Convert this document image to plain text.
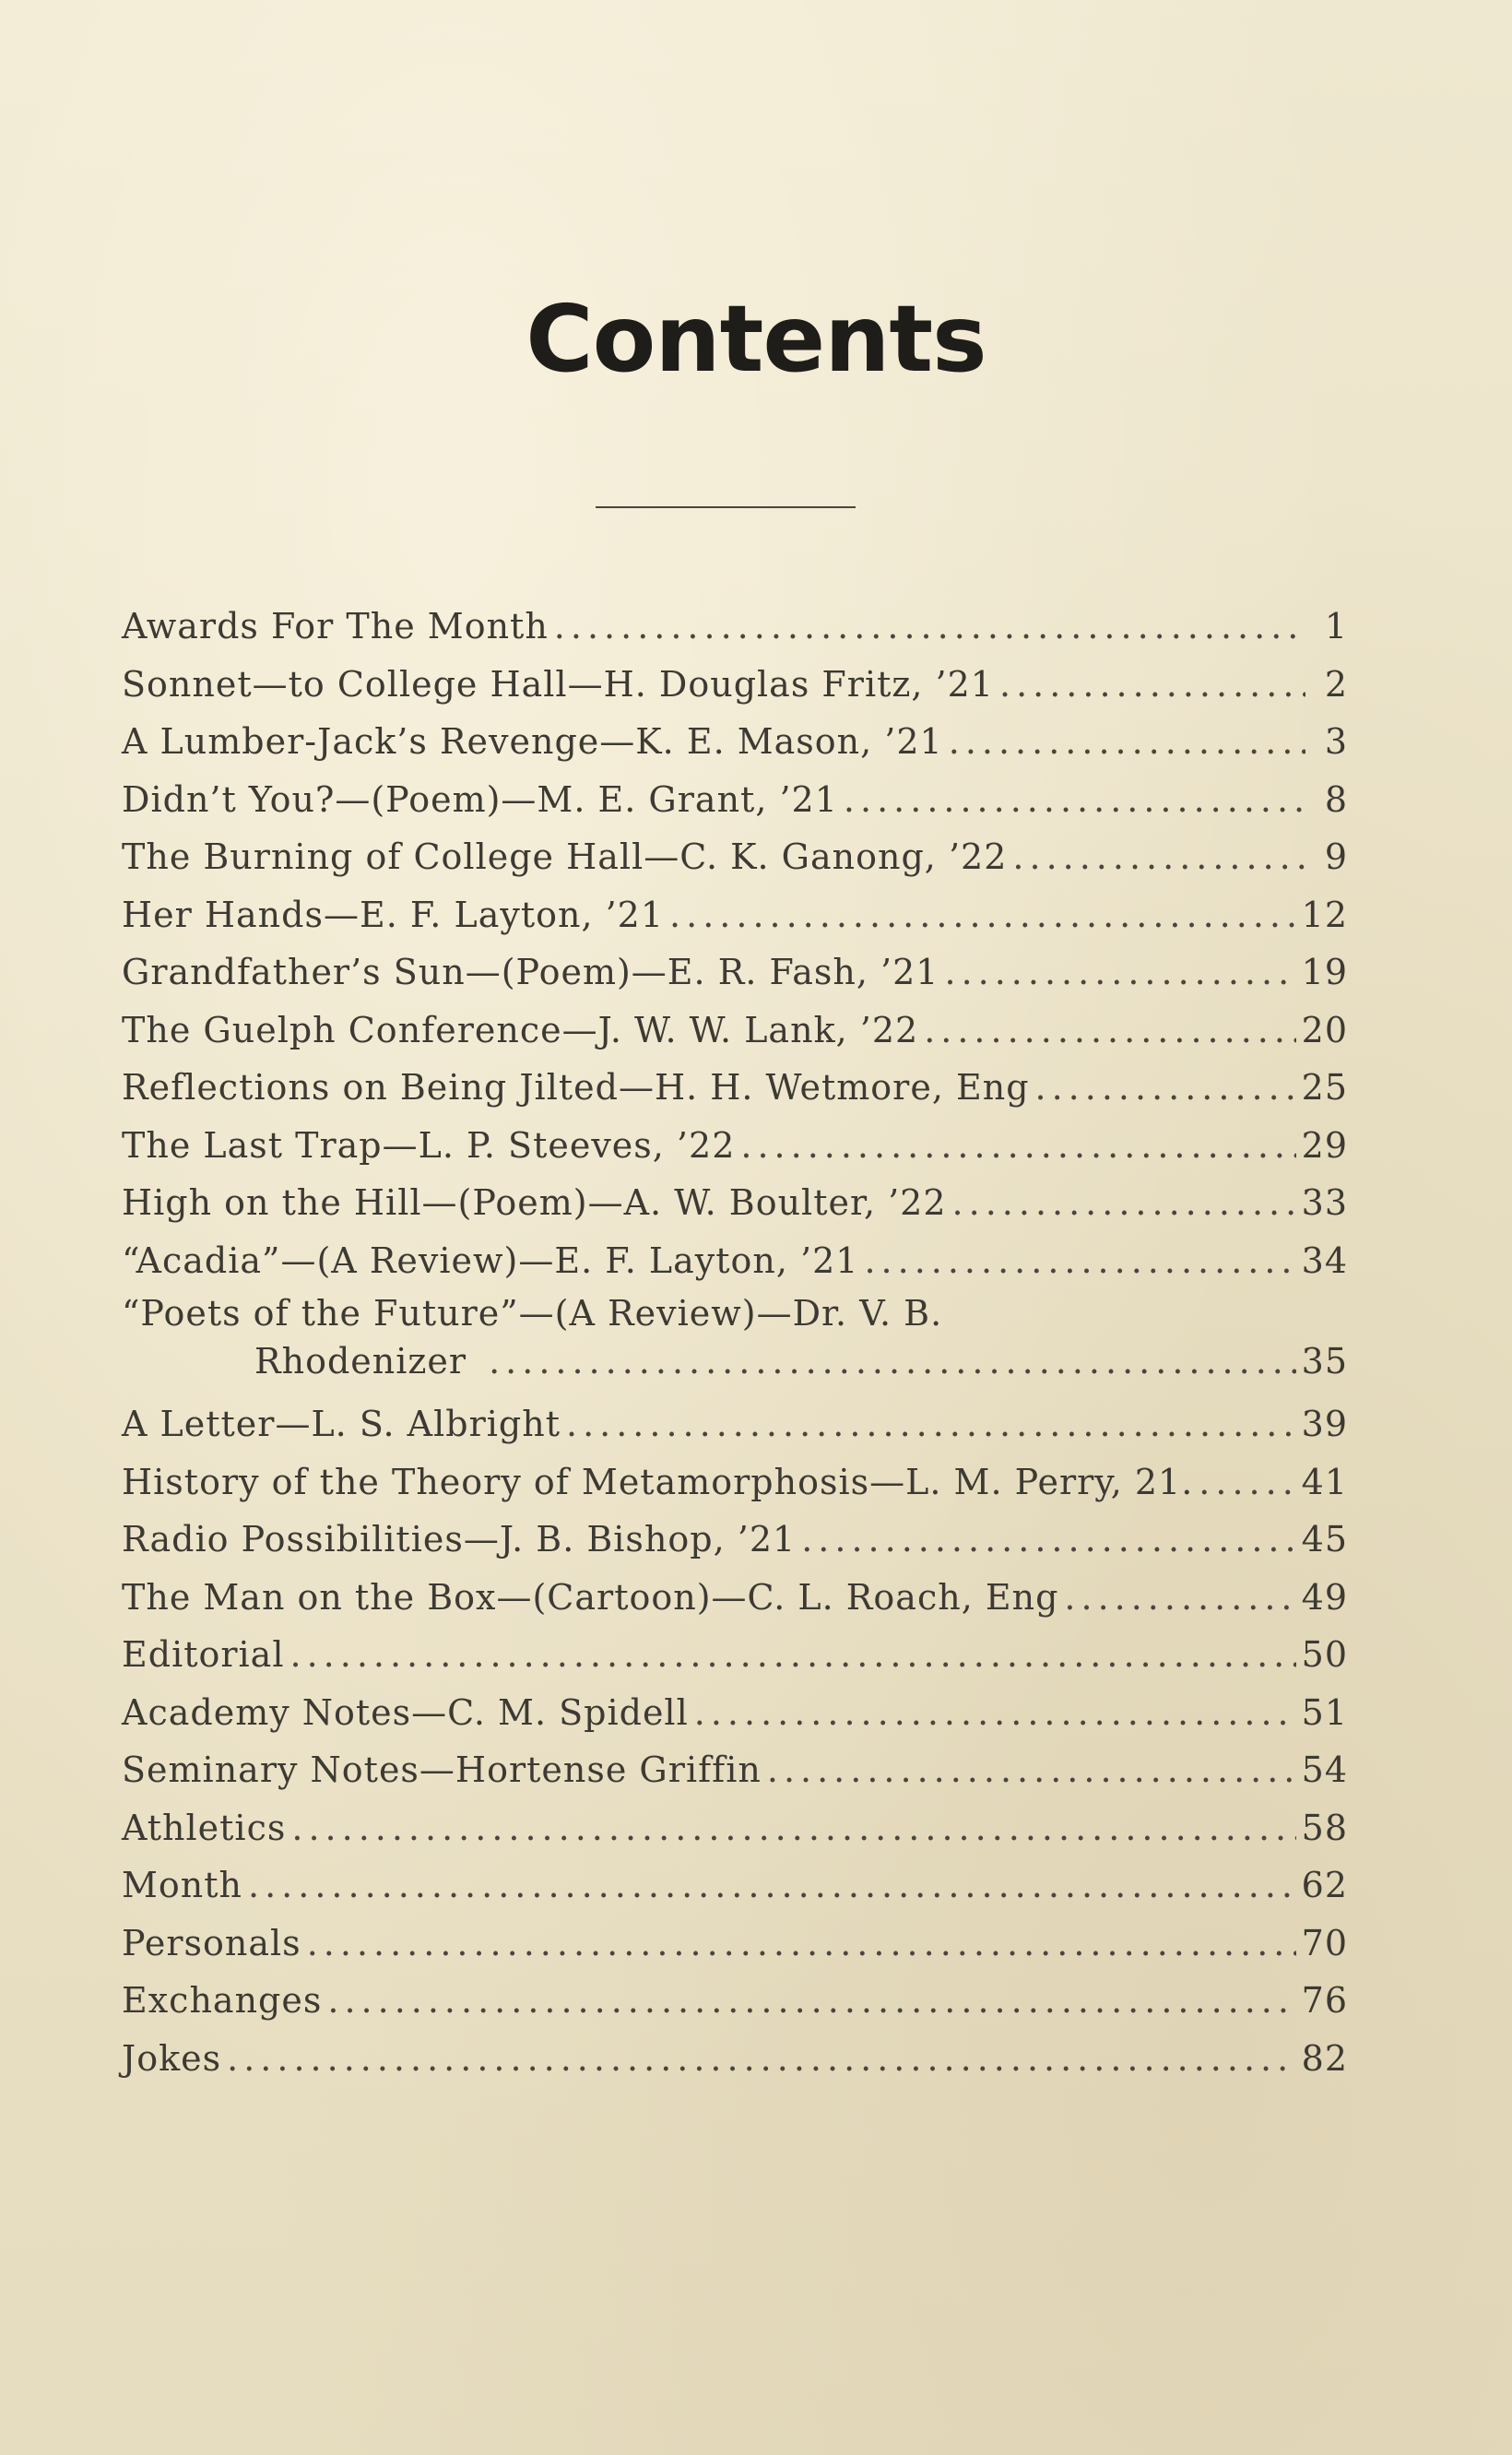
Contents
Awards For The Month .....	1
Sonnet—to College Hall—H. Douglas Fritz, ’21 .....	2
A Lumber-Jack’s Revenge—K. E. Mason, ’21 .....	3
Didn’t You?—(Poem)—M. E. Grant, ’21 .....	8
The Burning of College Hall—C. K. Ganong, ’22 .....	9
Her Hands—E. F. Layton, ’21 .....	12
Grandfather’s Sun—(Poem)—E. R. Fash, ’21 .....	19
The Guelph Conference—J. W. W. Lank, ’22 .....	20
Reflections on Being Jilted—H. H. Wetmore, Eng .....	25
The Last Trap—L. P. Steeves, ’22 .....	29
High on the Hill—(Poem)—A. W. Boulter, ’22 .....	33
“Acadia”—(A Review)—E. F. Layton, ’21 .....	34
“Poets of the Future”—(A Review)—Dr. V. B.
Rhodenizer .....	35
A Letter—L. S. Albright .....	39
History of the Theory of Metamorphosis—L. M. Perry, 21. .....	41
Radio Possibilities—J. B. Bishop, ’21 .....	45
The Man on the Box—(Cartoon)—C. L. Roach, Eng .....	49
Editorial .....	50
Academy Notes—C. M. Spidell .....	51
Seminary Notes—Hortense Griffin .....	54
Athletics .....	58
Month .....	62
Personals .....	70
Exchanges .....	76
Jokes .....	82
